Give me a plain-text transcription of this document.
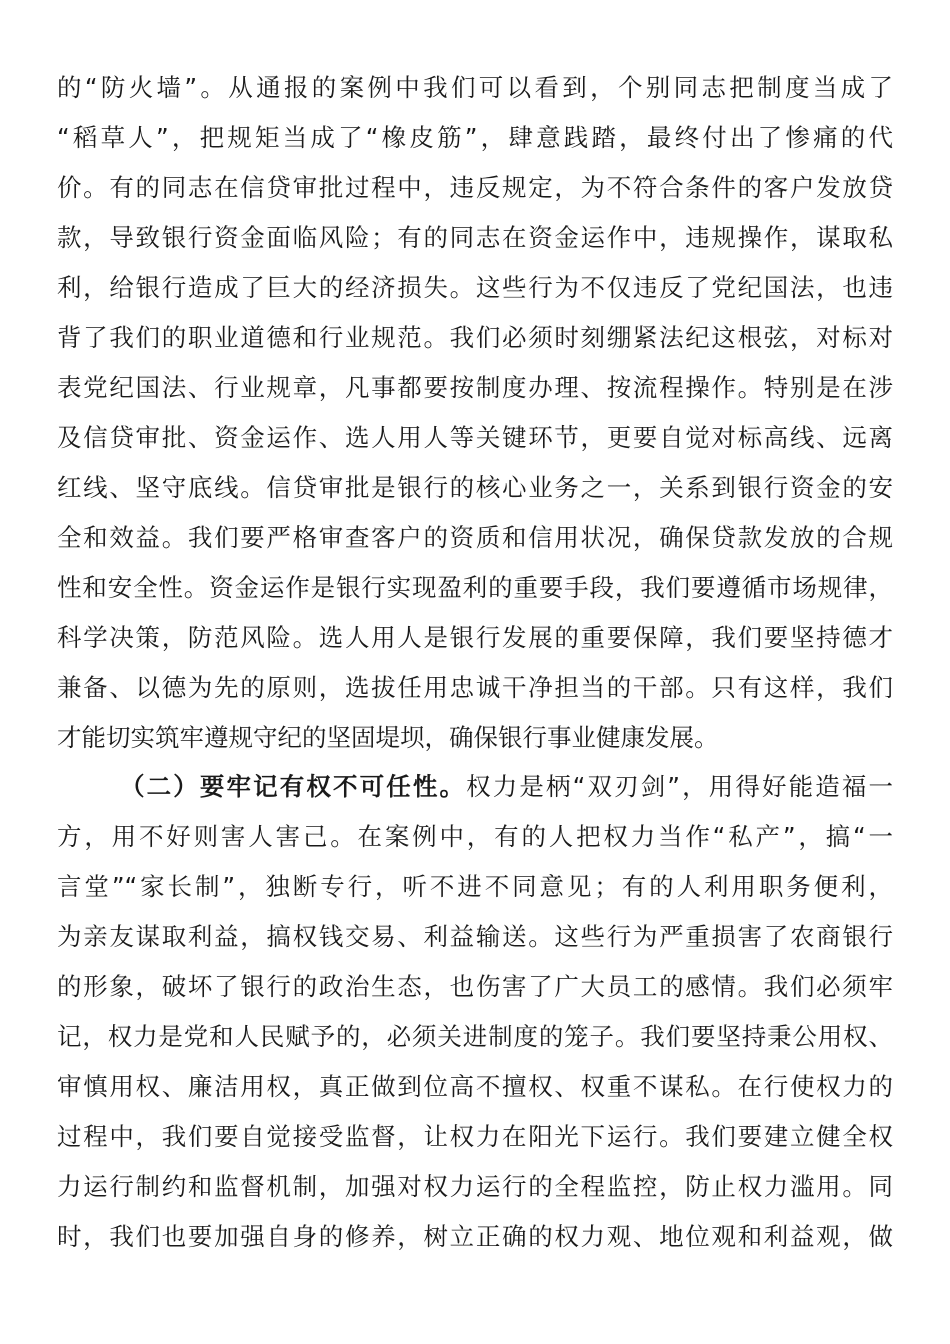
的“防火墙”。从通报的案例中我们可以看到，个别同志把制度当成了
“稻草人”，把规矩当成了“橡皮筋”，肆意践踏，最终付出了惨痛的代
价。有的同志在信贷审批过程中，违反规定，为不符合条件的客户发放贷
款，导致银行资金面临风险；有的同志在资金运作中，违规操作，谋取私
利，给银行造成了巨大的经济损失。这些行为不仅违反了党纪国法，也违
背了我们的职业道德和行业规范。我们必须时刻绷紧法纪这根弦，对标对
表党纪国法、行业规章，凡事都要按制度办理、按流程操作。特别是在涉
及信贷审批、资金运作、选人用人等关键环节，更要自觉对标高线、远离
红线、坚守底线。信贷审批是银行的核心业务之一，关系到银行资金的安
全和效益。我们要严格审查客户的资质和信用状况，确保贷款发放的合规
性和安全性。资金运作是银行实现盈利的重要手段，我们要遵循市场规律，
科学决策，防范风险。选人用人是银行发展的重要保障，我们要坚持德才
兼备、以德为先的原则，选拔任用忠诚干净担当的干部。只有这样，我们
才能切实筑牢遵规守纪的坚固堤坝，确保银行事业健康发展。
（二）要牢记有权不可任性。权力是柄“双刃剑”，用得好能造福一
方，用不好则害人害己。在案例中，有的人把权力当作“私产”，搞“一
言堂”“家长制”，独断专行，听不进不同意见；有的人利用职务便利，
为亲友谋取利益，搞权钱交易、利益输送。这些行为严重损害了农商银行
的形象，破坏了银行的政治生态，也伤害了广大员工的感情。我们必须牢
记，权力是党和人民赋予的，必须关进制度的笼子。我们要坚持秉公用权、
审慎用权、廉洁用权，真正做到位高不擅权、权重不谋私。在行使权力的
过程中，我们要自觉接受监督，让权力在阳光下运行。我们要建立健全权
力运行制约和监督机制，加强对权力运行的全程监控，防止权力滥用。同
时，我们也要加强自身的修养，树立正确的权力观、地位观和利益观，做
